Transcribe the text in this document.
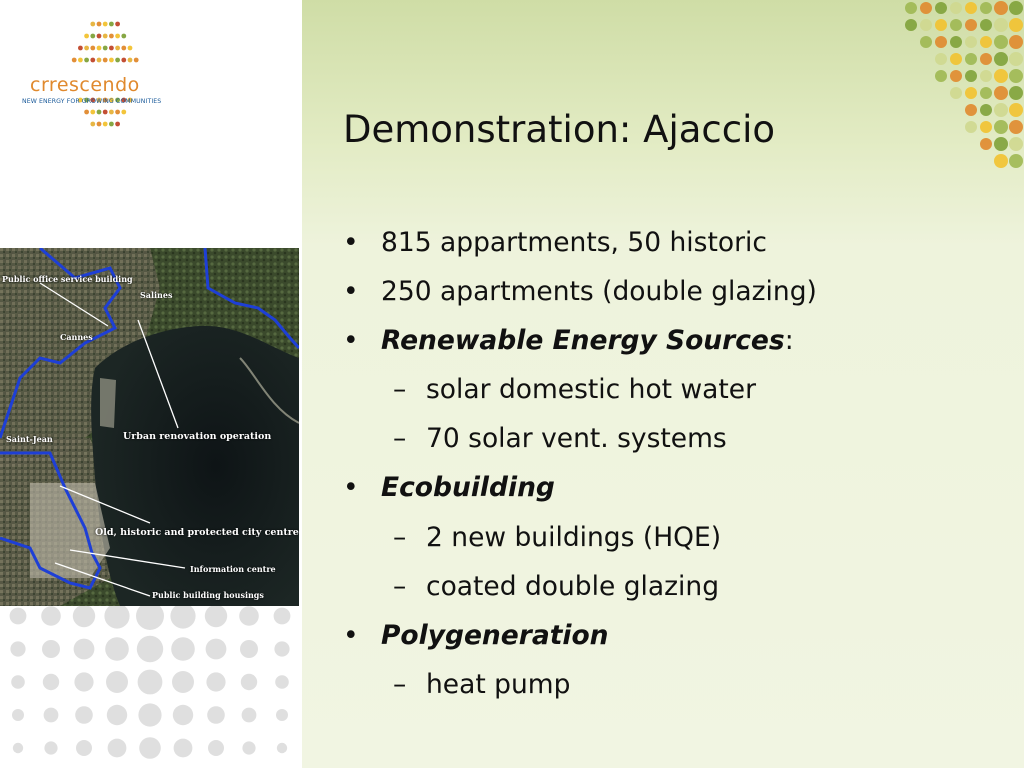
crrescendo
NEW ENERGY FOR GROWING COMMUNITIES
Public office service building
Salines
Cannes
Saint-Jean	Urban renovation operation
Old, historic and protected city centre
Information centre
Public building housings
Demonstration: Ajaccio
• 815 appartments, 50 historic
• 250 apartments (double glazing)
• Renewable Energy Sources:
– solar domestic hot water
– 70 solar vent. systems
• Ecobuilding
– 2 new buildings (HQE)
– coated double glazing
• Polygeneration
– heat pump
